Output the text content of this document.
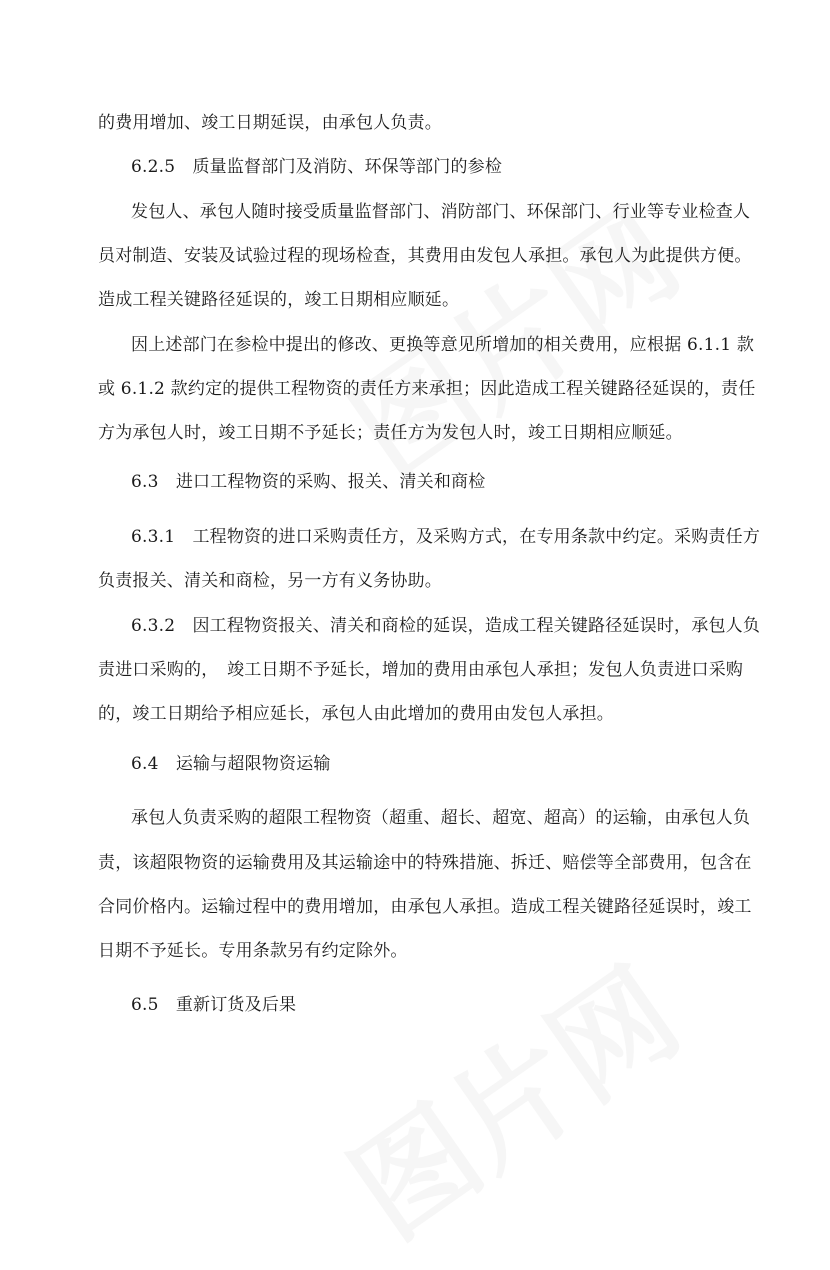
的费用增加、竣工日期延误，由承包人负责。
6.2.5　质量监督部门及消防、环保等部门的参检
发包人、承包人随时接受质量监督部门、消防部门、环保部门、行业等专业检查人
员对制造、安装及试验过程的现场检查，其费用由发包人承担。承包人为此提供方便。
造成工程关键路径延误的，竣工日期相应顺延。
因上述部门在参检中提出的修改、更换等意见所增加的相关费用，应根据 6.1.1 款
或 6.1.2 款约定的提供工程物资的责任方来承担；因此造成工程关键路径延误的，责任
方为承包人时，竣工日期不予延长；责任方为发包人时，竣工日期相应顺延。
6.3　进口工程物资的采购、报关、清关和商检
6.3.1　工程物资的进口采购责任方，及采购方式，在专用条款中约定。采购责任方
负责报关、清关和商检，另一方有义务协助。
6.3.2　因工程物资报关、清关和商检的延误，造成工程关键路径延误时，承包人负
责进口采购的，　竣工日期不予延长，增加的费用由承包人承担；发包人负责进口采购
的，竣工日期给予相应延长，承包人由此增加的费用由发包人承担。
6.4　运输与超限物资运输
承包人负责采购的超限工程物资（超重、超长、超宽、超高）的运输，由承包人负
责，该超限物资的运输费用及其运输途中的特殊措施、拆迁、赔偿等全部费用，包含在
合同价格内。运输过程中的费用增加，由承包人承担。造成工程关键路径延误时，竣工
日期不予延长。专用条款另有约定除外。
6.5　重新订货及后果
